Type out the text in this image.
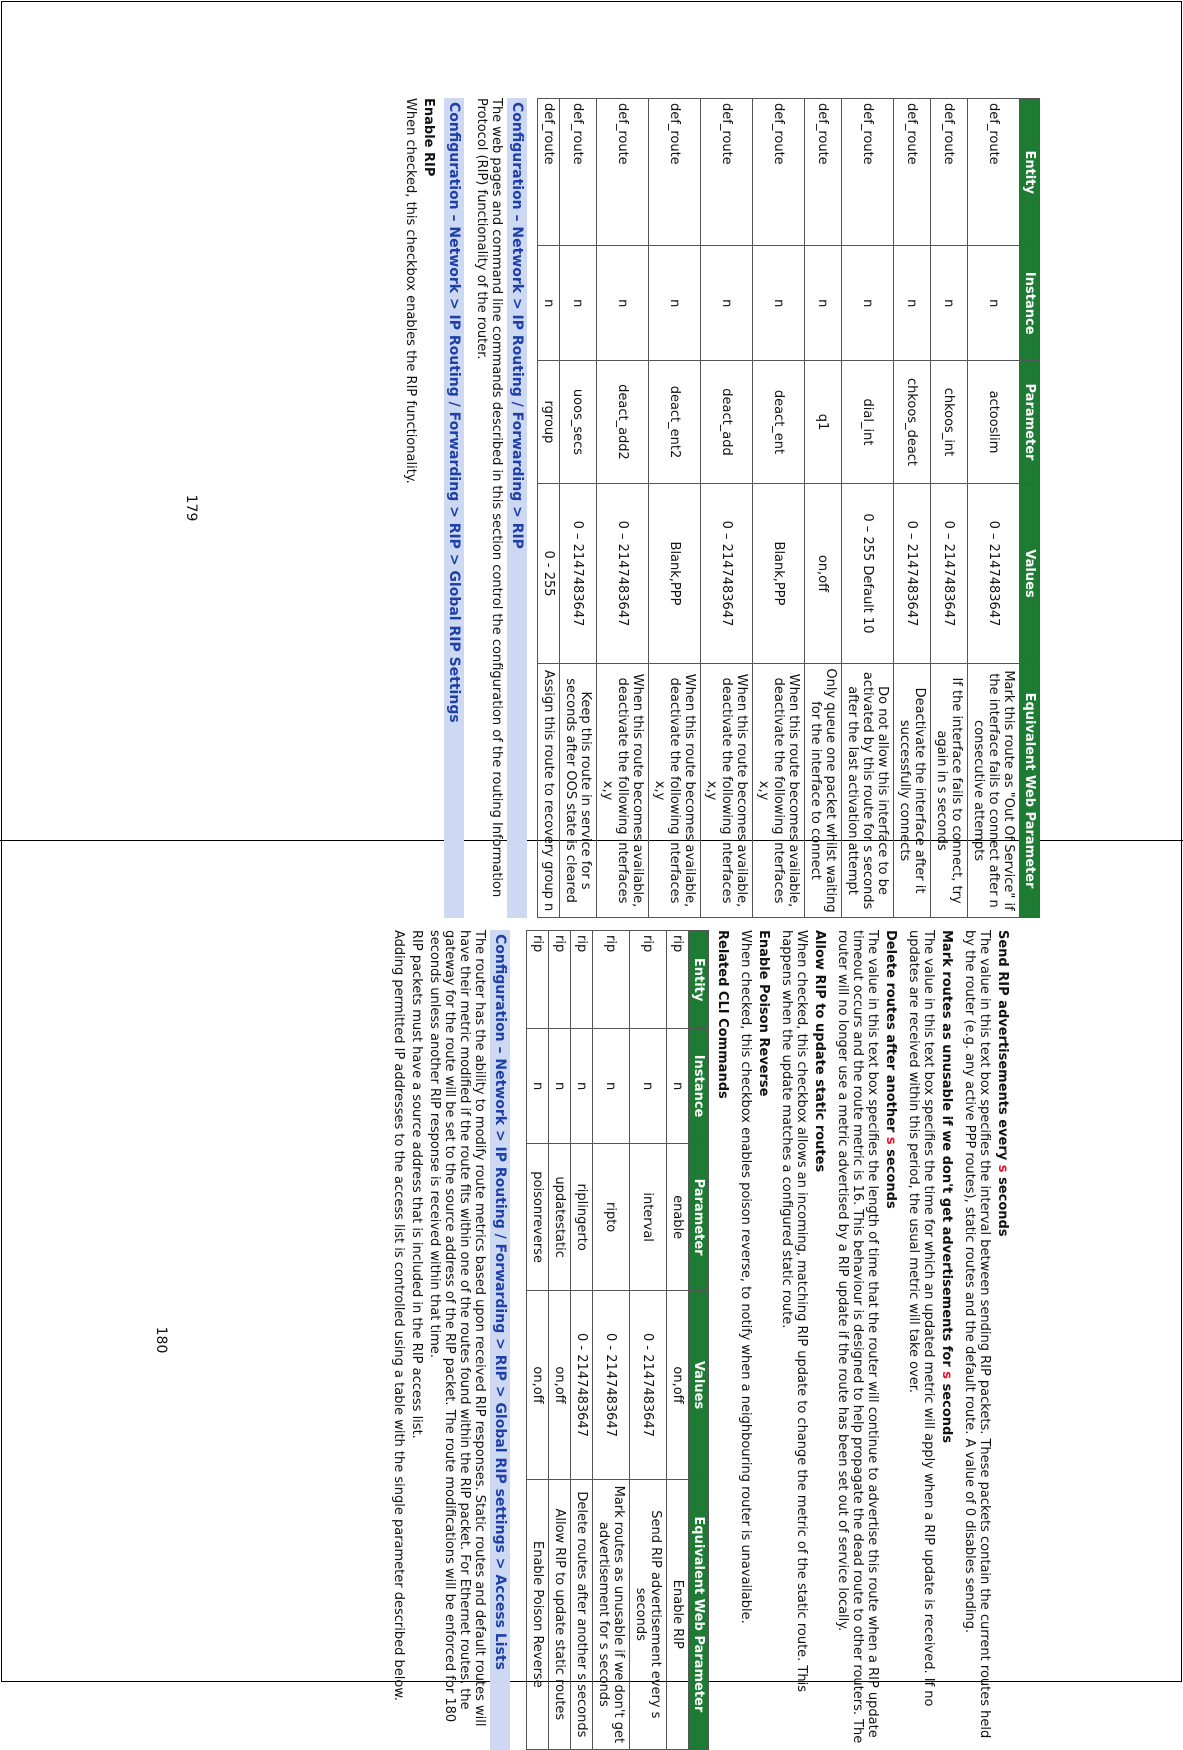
Entity	Instance	Parameter	Values	Equivalent Web Parameter
def_route	n	actooslim	0 – 2147483647	Mark this route as "Out Of Service" if the interface fails to connect after n consecutive attempts
def_route	n	chkoos_int	0 – 2147483647	If the interface fails to connect, try again in s seconds
def_route	n	chkoos_deact	0 – 2147483647	Deactivate the interface after it successfully connects
def_route	n	dial_int	0 – 255 Default 10	Do not allow this interface to be activated by this route for s seconds after the last activation attempt
def_route	n	q1	on,off	Only queue one packet whilst waiting for the interface to connect
def_route	n	deact_ent	Blank,PPP	When this route becomes available, deactivate the following interfaces x,y
def_route	n	deact_add	0 – 2147483647	When this route becomes available, deactivate the following interfaces x,y
def_route	n	deact_ent2	Blank,PPP	When this route becomes available, deactivate the following interfaces x,y
def_route	n	deact_add2	0 – 2147483647	When this route becomes available, deactivate the following interfaces x,y
def_route	n	uoos_secs	0 – 2147483647	Keep this route in service for s seconds after OOS state is cleared
def_route	n	rgroup	0 - 255	Assign this route to recovery group n
Configuration – Network > IP Routing / Forwarding > RIP

The web pages and command line commands described in this section control the configuration of the routing Information Protocol (RIP) functionality of the router.

Configuration – Network > IP Routing / Forwarding > RIP > Global RIP Settings

Enable RIP

When checked, this checkbox enables the RIP functionality.

179

Send RIP advertisements every s seconds

The value in this text box specifies the interval between sending RIP packets. These packets contain the current routes held by the router (e.g. any active PPP routes), static routes and the default route. A value of 0 disables sending.

Mark routes as unusable if we don't get advertisements for s seconds

The value in this text box specifies the time for which an updated metric will apply when a RIP update is received. If no updates are received within this period, the usual metric will take over.

Delete routes after another s seconds

The value in this text box specifies the length of time that the router will continue to advertise this route when a RIP update timeout occurs and the route metric is 16. This behaviour is designed to help propagate the dead route to other routers. The router will no longer use a metric advertised by a RIP update if the route has been set out of service locally.

Allow RIP to update static routes

When checked, this checkbox allows an incoming, matching RIP update to change the metric of the static route. This happens when the update matches a configured static route.

Enable Poison Reverse

When checked, this checkbox enables poison reverse, to notify when a neighbouring router is unavailable.

Related CLI Commands

Entity	Instance	Parameter	Values	Equivalent Web Parameter
rip	n	enable	on,off	Enable RIP
rip	n	interval	0 - 2147483647	Send RIP advertisement every s seconds
rip	n	ripto	0 - 2147483647	Mark routes as unusable if we don't get advertisement for s seconds
rip	n	riplingerto	0 - 2147483647	Delete routes after another s seconds
rip	n	updatestatic	on,off	Allow RIP to update static routes
rip	n	poisonreverse	on,off	Enable Poison Reverse
Configuration – Network > IP Routing / Forwarding > RIP > Global RIP settings > Access Lists

The router has the ability to modify route metrics based upon received RIP responses. Static routes and default routes will have their metric modified if the route fits within one of the routes found within the RIP packet. For Ethernet routes, the gateway for the route will be set to the source address of the RIP packet. The route modifications will be enforced for 180 seconds unless another RIP response is received within that time.

RIP packets must have a source address that is included in the RIP access list.

Adding permitted IP addresses to the access list is controlled using a table with the single parameter described below.

180
